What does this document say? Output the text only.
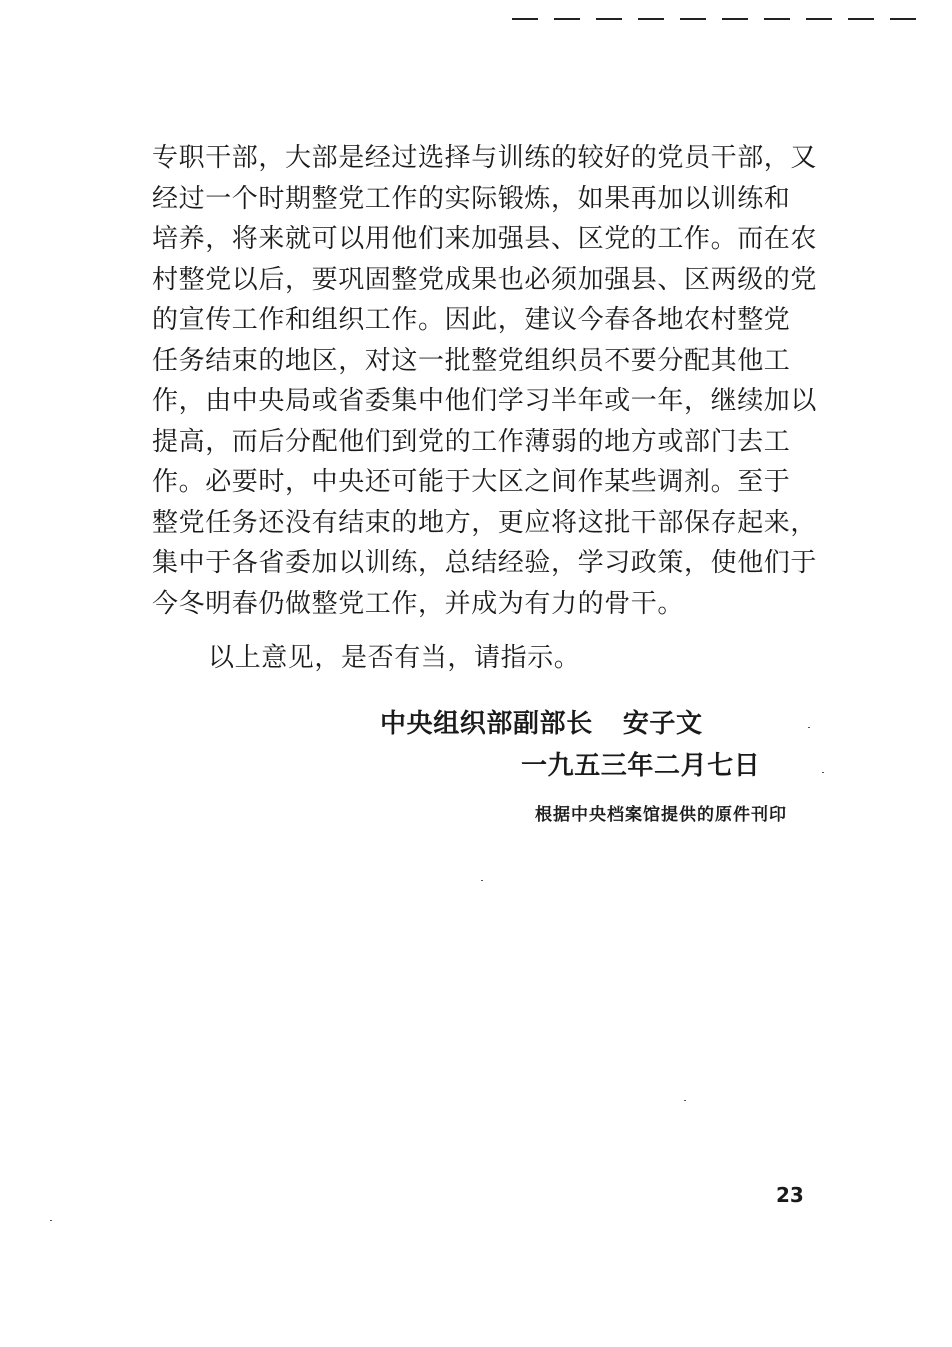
专职干部，大部是经过选择与训练的较好的党员干部，又
经过一个时期整党工作的实际锻炼，如果再加以训练和
培养，将来就可以用他们来加强县、区党的工作。而在农
村整党以后，要巩固整党成果也必须加强县、区两级的党
的宣传工作和组织工作。因此，建议今春各地农村整党
任务结束的地区，对这一批整党组织员不要分配其他工
作，由中央局或省委集中他们学习半年或一年，继续加以
提高，而后分配他们到党的工作薄弱的地方或部门去工
作。必要时，中央还可能于大区之间作某些调剂。至于
整党任务还没有结束的地方，更应将这批干部保存起来，
集中于各省委加以训练，总结经验，学习政策，使他们于
今冬明春仍做整党工作，并成为有力的骨干。
以上意见，是否有当，请指示。
中央组织部副部长 安子文
一九五三年二月七日
根据中央档案馆提供的原件刊印
23
